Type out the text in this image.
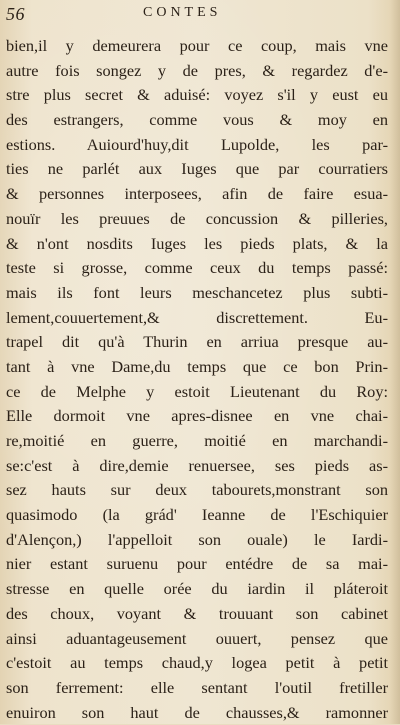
56	CONTES
bien,il y demeurera pour ce coup, mais vne
autre fois songez y de pres, & regardez d'e-
stre plus secret & aduisé: voyez s'il y eust eu
des estrangers, comme vous & moy en
estions. Auiourd'huy,dit Lupolde, les par-
ties ne parlét aux Iuges que par courratiers
& personnes interposees, afin de faire esua-
nouïr les preuues de concussion & pilleries,
& n'ont nosdits Iuges les pieds plats, & la
teste si grosse, comme ceux du temps passé:
mais ils font leurs meschancetez plus subti-
lement,couuertement,& discrettement. Eu-
trapel dit qu'à Thurin en arriua presque au-
tant à vne Dame,du temps que ce bon Prin-
ce de Melphe y estoit Lieutenant du Roy:
Elle dormoit vne apres-disnee en vne chai-
re,moitié en guerre, moitié en marchandi-
se:c'est à dire,demie renuersee, ses pieds as-
sez hauts sur deux tabourets,monstrant son
quasimodo (la grád' Ieanne de l'Eschiquier
d'Alençon,) l'appelloit son ouale) le Iardi-
nier estant suruenu pour entédre de sa mai-
stresse en quelle orée du iardin il pláteroit
des choux, voyant & trouuant son cabinet
ainsi aduantageusement ouuert, pensez que
c'estoit au temps chaud,y logea petit à petit
son ferrement: elle sentant l'outil fretiller
enuiron son haut de chausses,& ramonner
